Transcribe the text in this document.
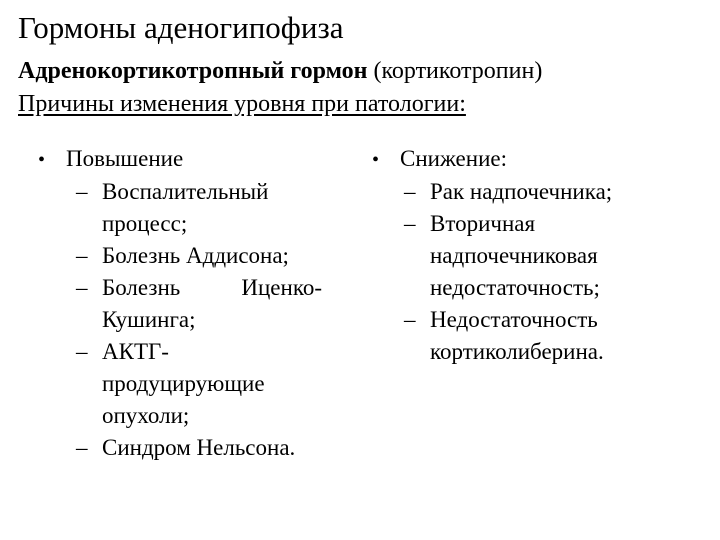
Гормоны аденогипофиза
Адренокортикотропный гормон (кортикотропин)
Причины изменения уровня при патологии:
• Повышение
– Воспалительный
процесс;
– Болезнь Аддисона;
– Болезнь	Иценко-
Кушинга;
– АКТГ-
продуцирующие
опухоли;
– Синдром Нельсона.
• Снижение:
– Рак надпочечника;
– Вторичная
надпочечниковая
недостаточность;
– Недостаточность
кортиколиберина.
